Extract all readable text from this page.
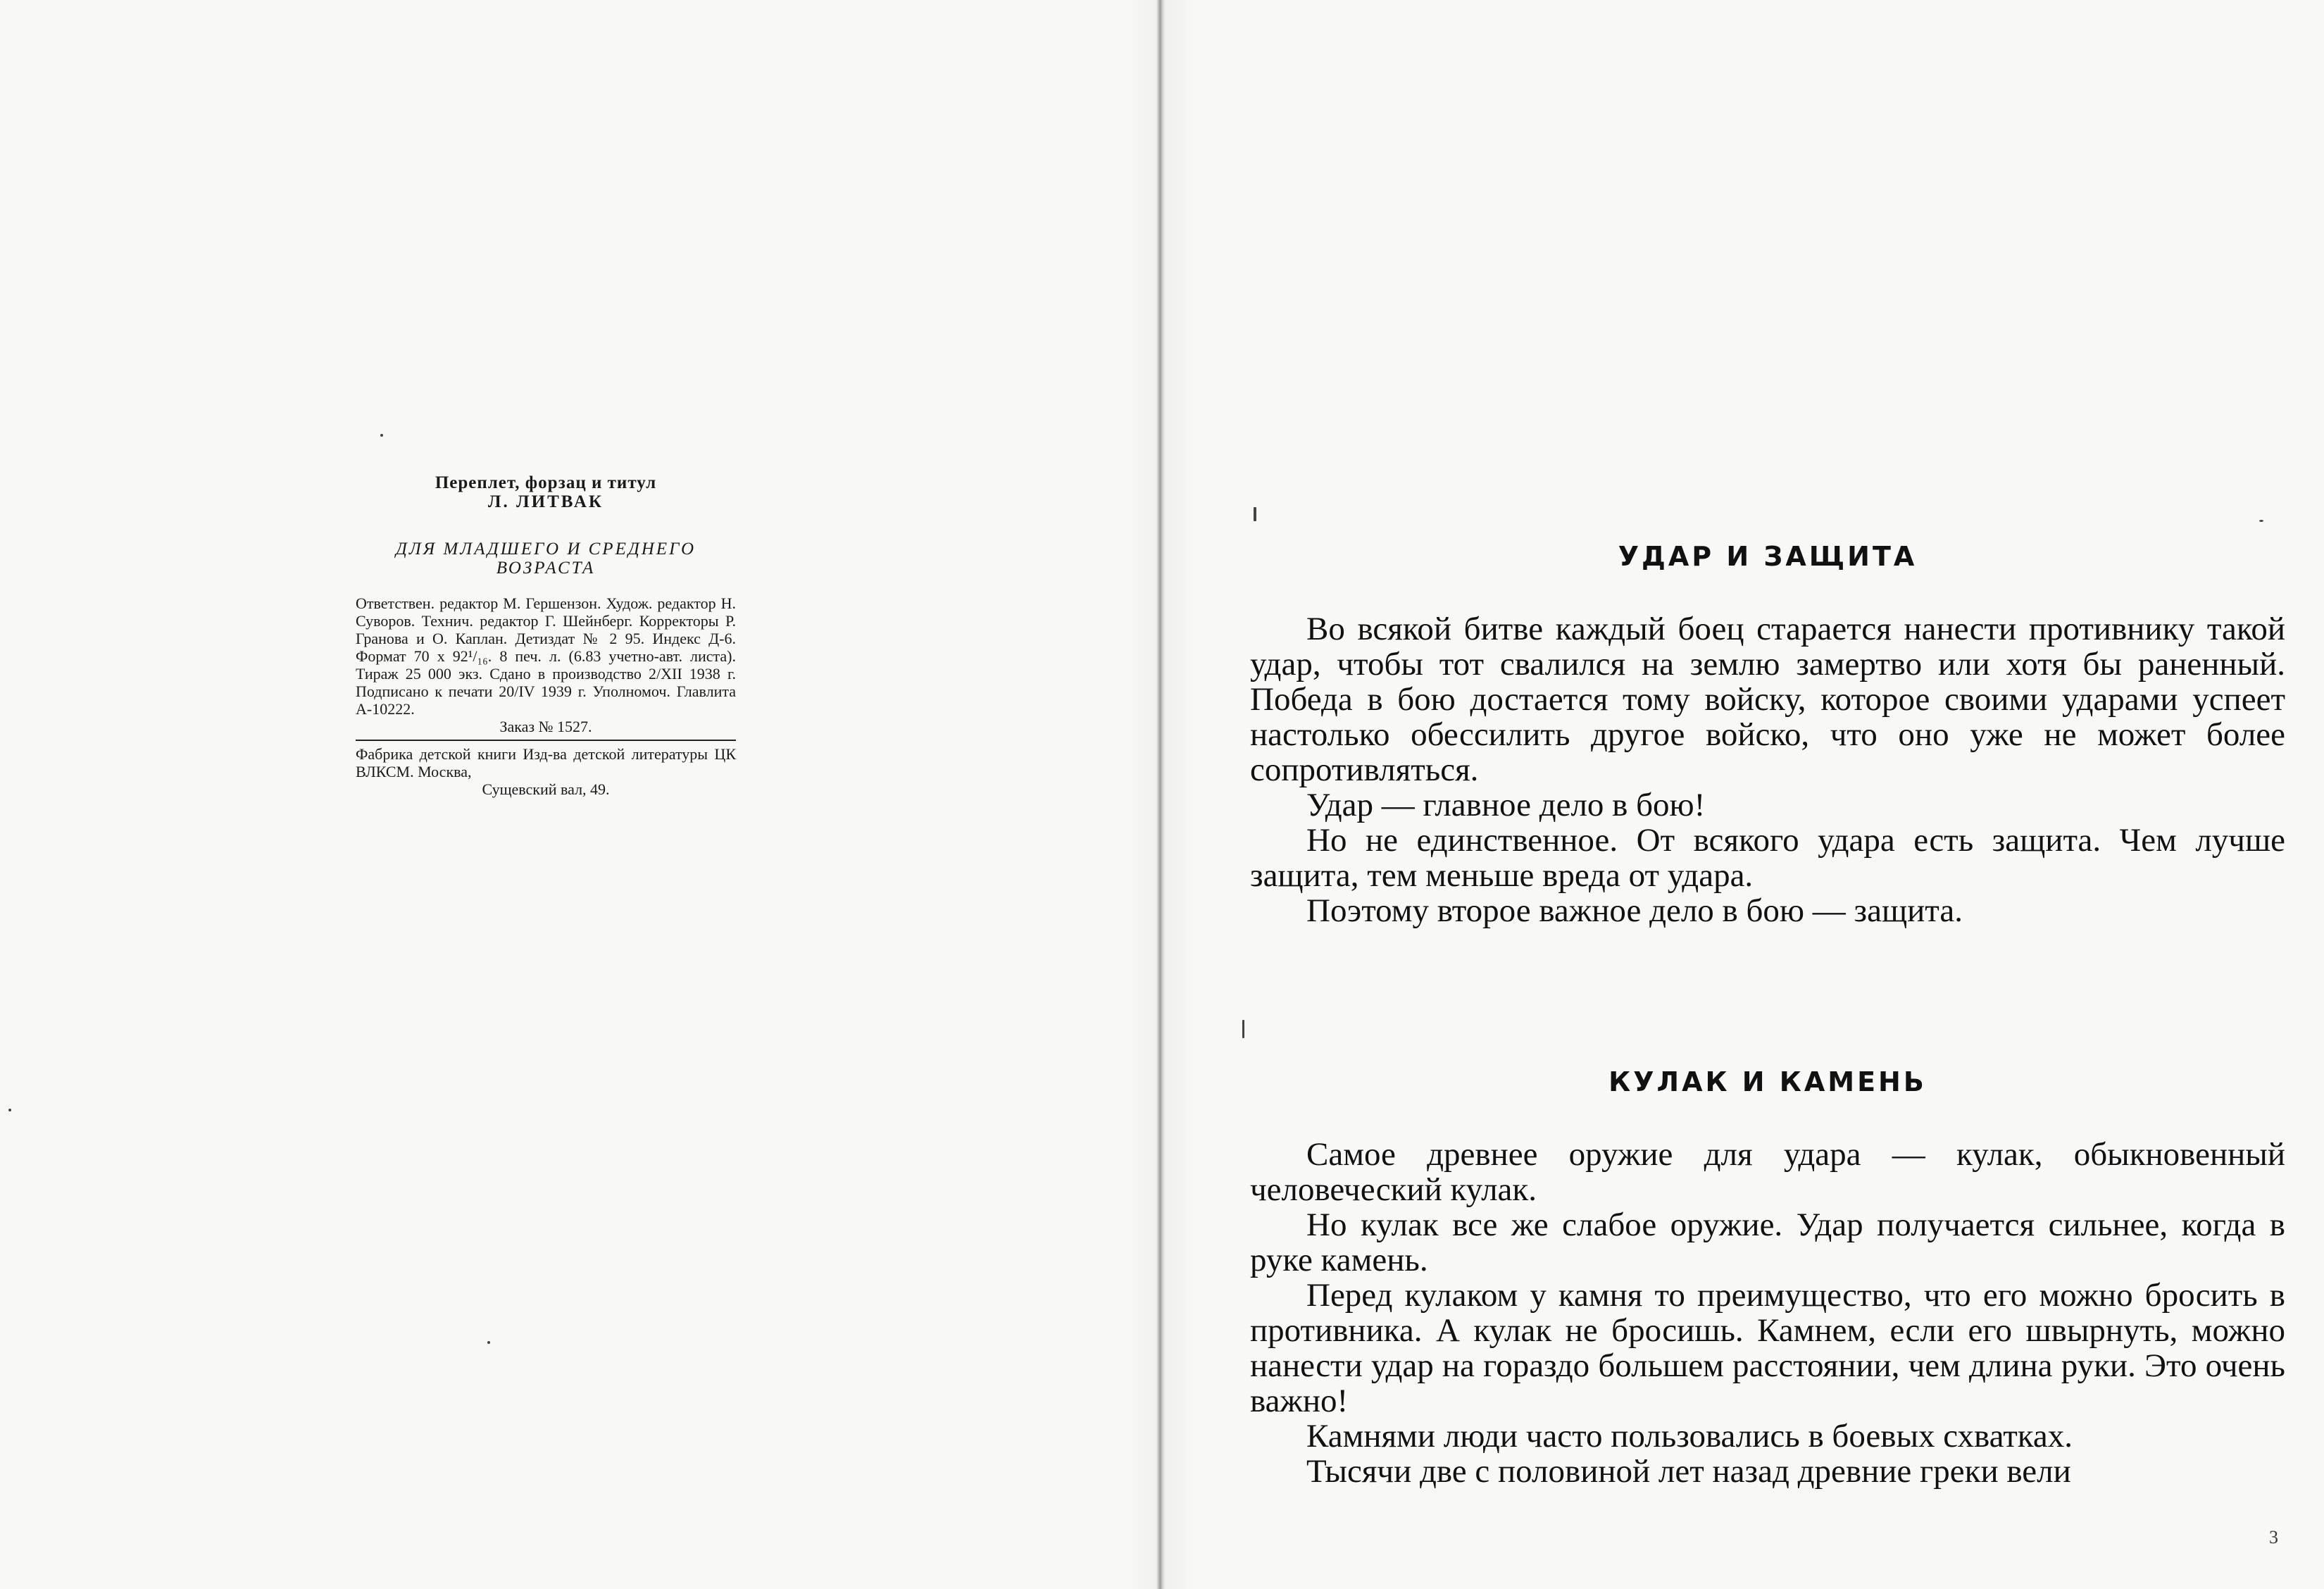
Переплет, форзац и титул
Л. ЛИТВАК
ДЛЯ МЛАДШЕГО И СРЕДНЕГО ВОЗРАСТА
Ответствен. редактор М. Гершензон. Худож. редактор Н. Суворов. Технич. редактор Г. Шейнберг. Корректоры Р. Гранова и О. Каплан. Детиздат № 2 95. Индекс Д-6. Формат 70 x 92¹/₁₆. 8 печ. л. (6.83 учетно-авт. листа). Тираж 25 000 экз. Сдано в производство 2/XII 1938 г. Подписано к печати 20/IV 1939 г. Уполномоч. Главлита А-10222.
Заказ № 1527.
Фабрика детской книги Изд-ва детской литературы ЦК ВЛКСМ. Москва,
Сущевский вал, 49.
УДАР И ЗАЩИТА

Во всякой битве каждый боец старается нанести противнику такой удар, чтобы тот свалился на землю замертво или хотя бы раненный. Победа в бою достается тому войску, которое своими ударами успеет настолько обессилить другое войско, что оно уже не может более сопротивляться.

Удар — главное дело в бою!

Но не единственное. От всякого удара есть защита. Чем лучше защита, тем меньше вреда от удара.

Поэтому второе важное дело в бою — защита.

КУЛАК И КАМЕНЬ

Самое древнее оружие для удара — кулак, обыкновенный человеческий кулак.

Но кулак все же слабое оружие. Удар получается сильнее, когда в руке камень.

Перед кулаком у камня то преимущество, что его можно бросить в противника. А кулак не бросишь. Камнем, если его швырнуть, можно нанести удар на гораздо большем расстоянии, чем длина руки. Это очень важно!

Камнями люди часто пользовались в боевых схватках.

Тысячи две с половиной лет назад древние греки вели

3
